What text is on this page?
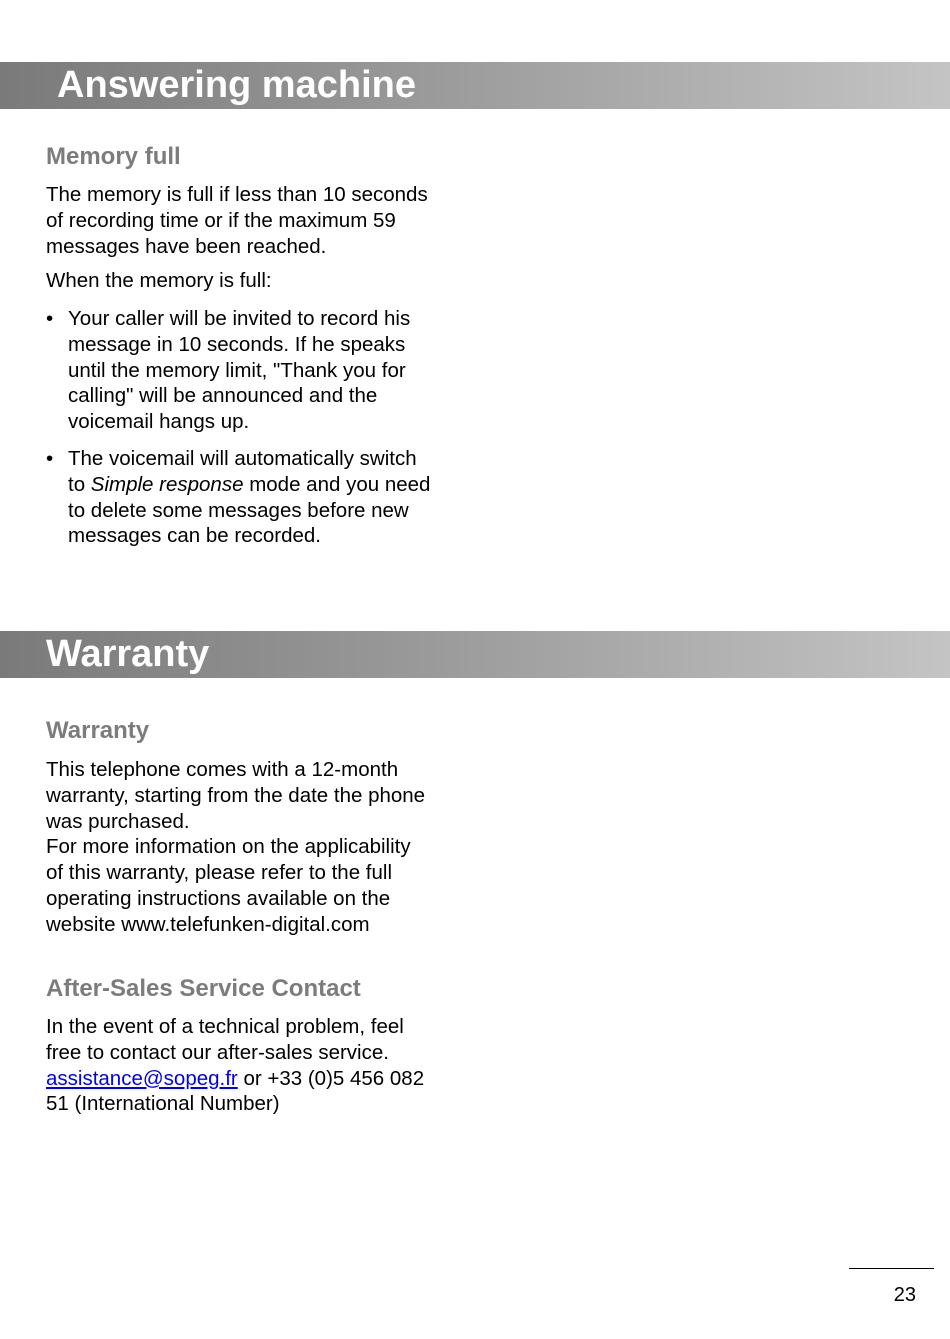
Answering machine
Memory full

The memory is full if less than 10 seconds
of recording time or if the maximum 59
messages have been reached.

When the memory is full:

• Your caller will be invited to record his
message in 10 seconds. If he speaks
until the memory limit, "Thank you for
calling" will be announced and the
voicemail hangs up.
• The voicemail will automatically switch
to Simple response mode and you need
to delete some messages before new
messages can be recorded.
Warranty
Warranty

This telephone comes with a 12-month
warranty, starting from the date the phone
was purchased.
For more information on the applicability
of this warranty, please refer to the full
operating instructions available on the
website www.telefunken-digital.com

After-Sales Service Contact

In the event of a technical problem, feel
free to contact our after-sales service.
assistance@sopeg.fr or +33 (0)5 456 082
51 (International Number)

23
